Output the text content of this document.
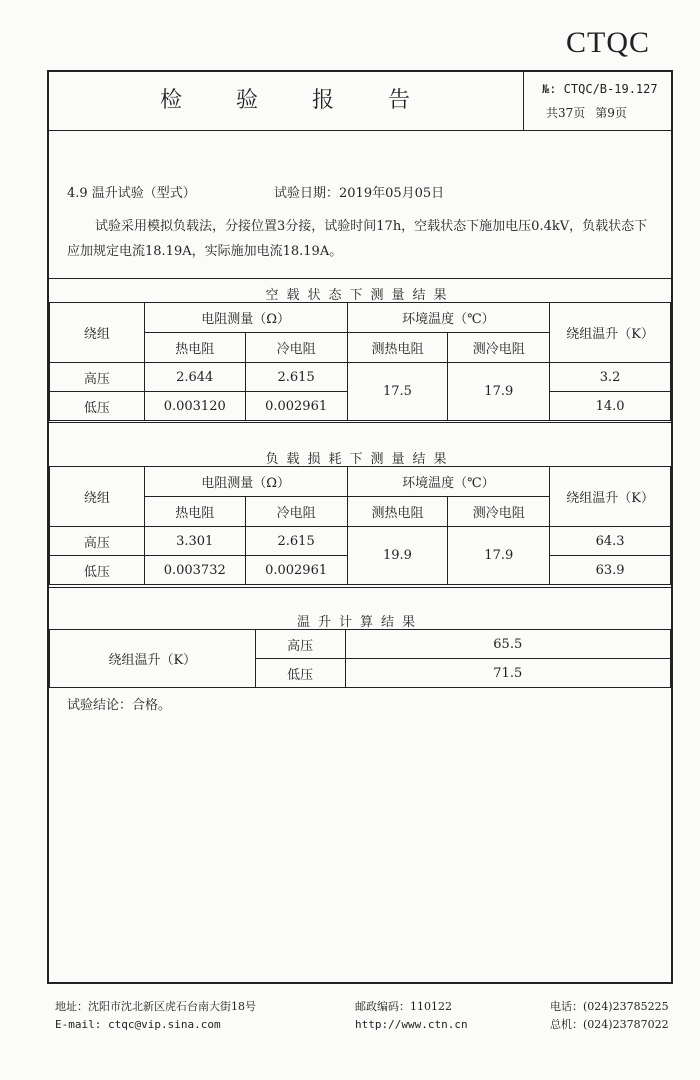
CTQC
检 验 报 告	№: CTQC/B-19.127
共37页 第9页
4.9 温升试验（型式）	试验日期：2019年05月05日
试验采用模拟负载法，分接位置3分接，试验时间17h，空载状态下施加电压0.4kV，负载状态下应加规定电流18.19A，实际施加电流18.19A。
空载状态下测量结果
绕组	电阻测量（Ω）		环境温度（℃）		绕组温升（K）
	热电阻	冷电阻	测热电阻	测冷电阻	
高压	2.644	2.615	17.5	17.9	3.2
低压	0.003120	0.002961			14.0
负载损耗下测量结果
绕组	电阻测量（Ω）		环境温度（℃）		绕组温升（K）
	热电阻	冷电阻	测热电阻	测冷电阻	
高压	3.301	2.615	19.9	17.9	64.3
低压	0.003732	0.002961			63.9
温升计算结果
绕组温升（K）	高压	65.5
	低压	71.5
试验结论：合格。
地址：沈阳市沈北新区虎石台南大街18号
E-mail: ctqc@vip.sina.com
邮政编码：110122
http://www.ctn.cn
电话：(024)23785225
总机：(024)23787022
